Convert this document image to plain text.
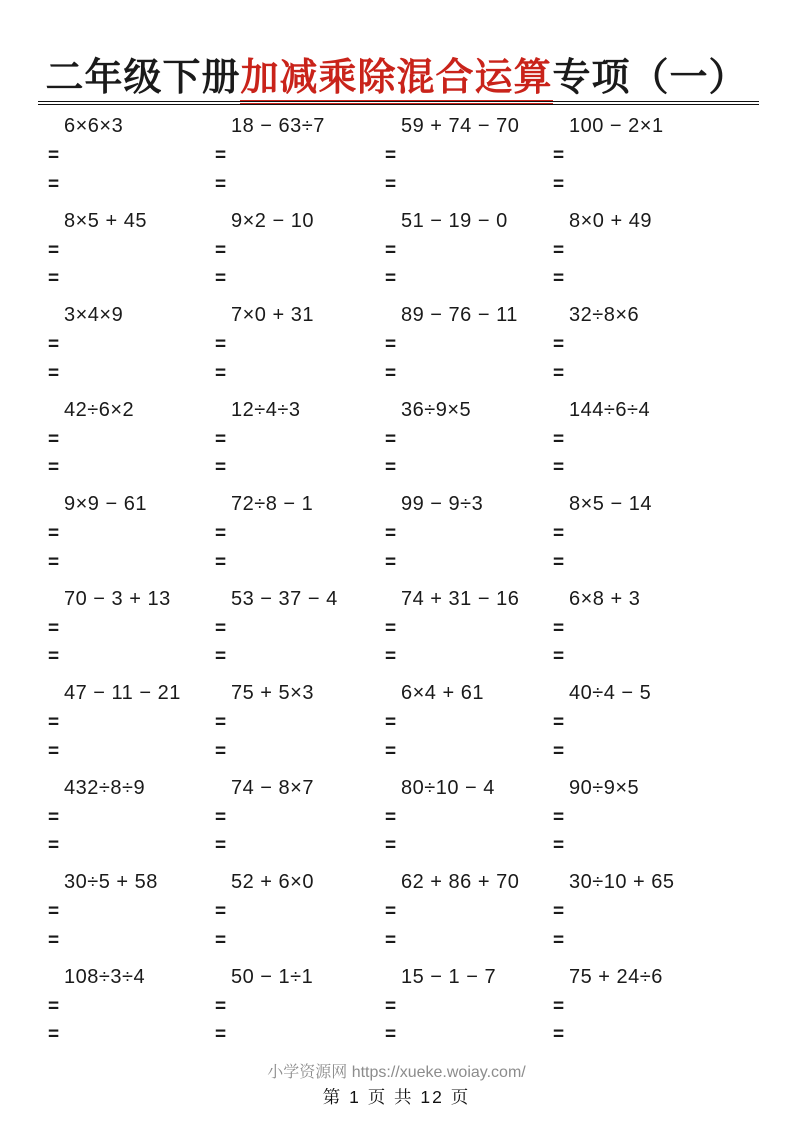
二年级下册加减乘除混合运算专项（一）
6×6×3
=
=
18 − 63÷7
=
=
59 + 74 − 70
=
=
100 − 2×1
=
=
8×5 + 45
=
=
9×2 − 10
=
=
51 − 19 − 0
=
=
8×0 + 49
=
=
3×4×9
=
=
7×0 + 31
=
=
89 − 76 − 11
=
=
32÷8×6
=
=
42÷6×2
=
=
12÷4÷3
=
=
36÷9×5
=
=
144÷6÷4
=
=
9×9 − 61
=
=
72÷8 − 1
=
=
99 − 9÷3
=
=
8×5 − 14
=
=
70 − 3 + 13
=
=
53 − 37 − 4
=
=
74 + 31 − 16
=
=
6×8 + 3
=
=
47 − 11 − 21
=
=
75 + 5×3
=
=
6×4 + 61
=
=
40÷4 − 5
=
=
432÷8÷9
=
=
74 − 8×7
=
=
80÷10 − 4
=
=
90÷9×5
=
=
30÷5 + 58
=
=
52 + 6×0
=
=
62 + 86 + 70
=
=
30÷10 + 65
=
=
108÷3÷4
=
=
50 − 1÷1
=
=
15 − 1 − 7
=
=
75 + 24÷6
=
=
小学资源网 https://xueke.woiay.com/
第 1 页 共 12 页
